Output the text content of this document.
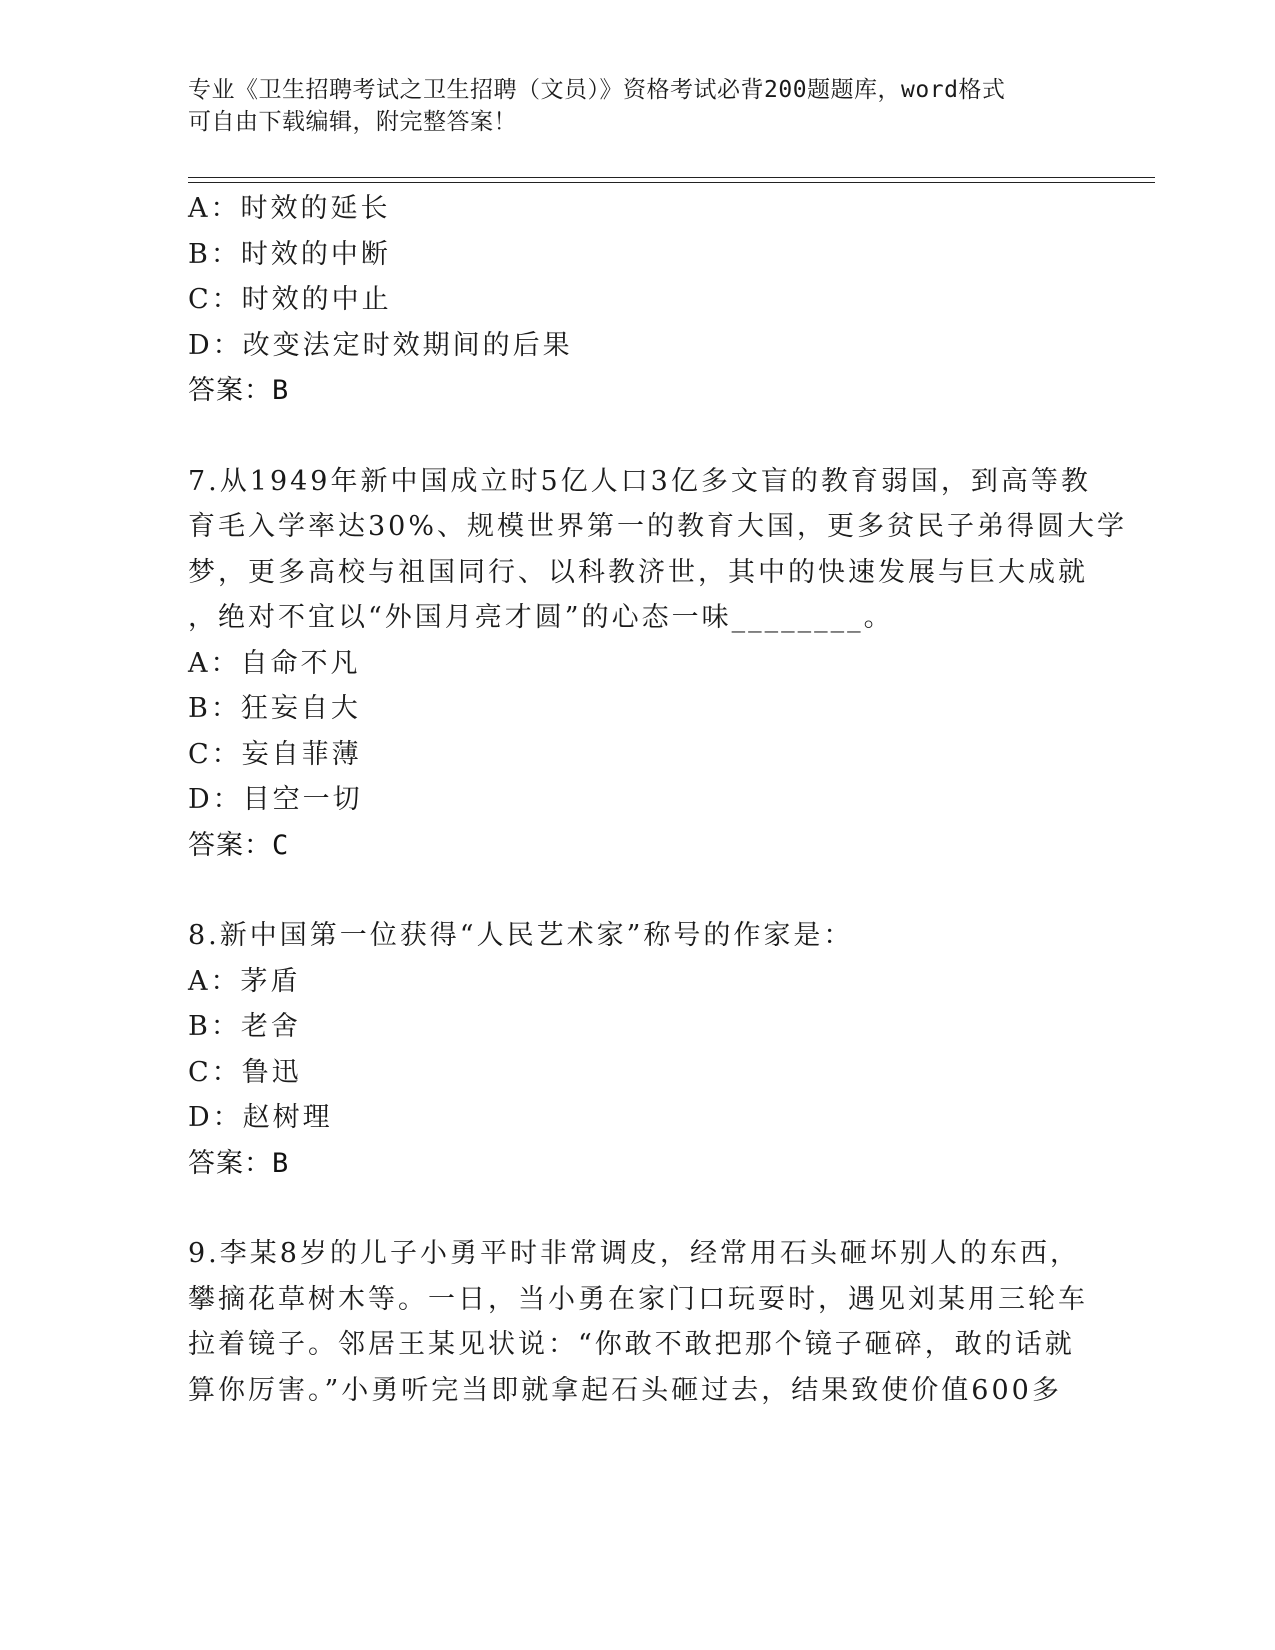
专业《卫生招聘考试之卫生招聘（文员）》资格考试必背200题题库，word格式
可自由下载编辑，附完整答案！
A：时效的延长
B：时效的中断
C：时效的中止
D：改变法定时效期间的后果
答案：B
7.从1949年新中国成立时5亿人口3亿多文盲的教育弱国，到高等教
育毛入学率达30%、规模世界第一的教育大国，更多贫民子弟得圆大学
梦，更多高校与祖国同行、以科教济世，其中的快速发展与巨大成就
，绝对不宜以“外国月亮才圆”的心态一味________。
A：自命不凡
B：狂妄自大
C：妄自菲薄
D：目空一切
答案：C
8.新中国第一位获得“人民艺术家”称号的作家是：
A：茅盾
B：老舍
C：鲁迅
D：赵树理
答案：B
9.李某8岁的儿子小勇平时非常调皮，经常用石头砸坏别人的东西，
攀摘花草树木等。一日，当小勇在家门口玩耍时，遇见刘某用三轮车
拉着镜子。邻居王某见状说：“你敢不敢把那个镜子砸碎，敢的话就
算你厉害。”小勇听完当即就拿起石头砸过去，结果致使价值600多
